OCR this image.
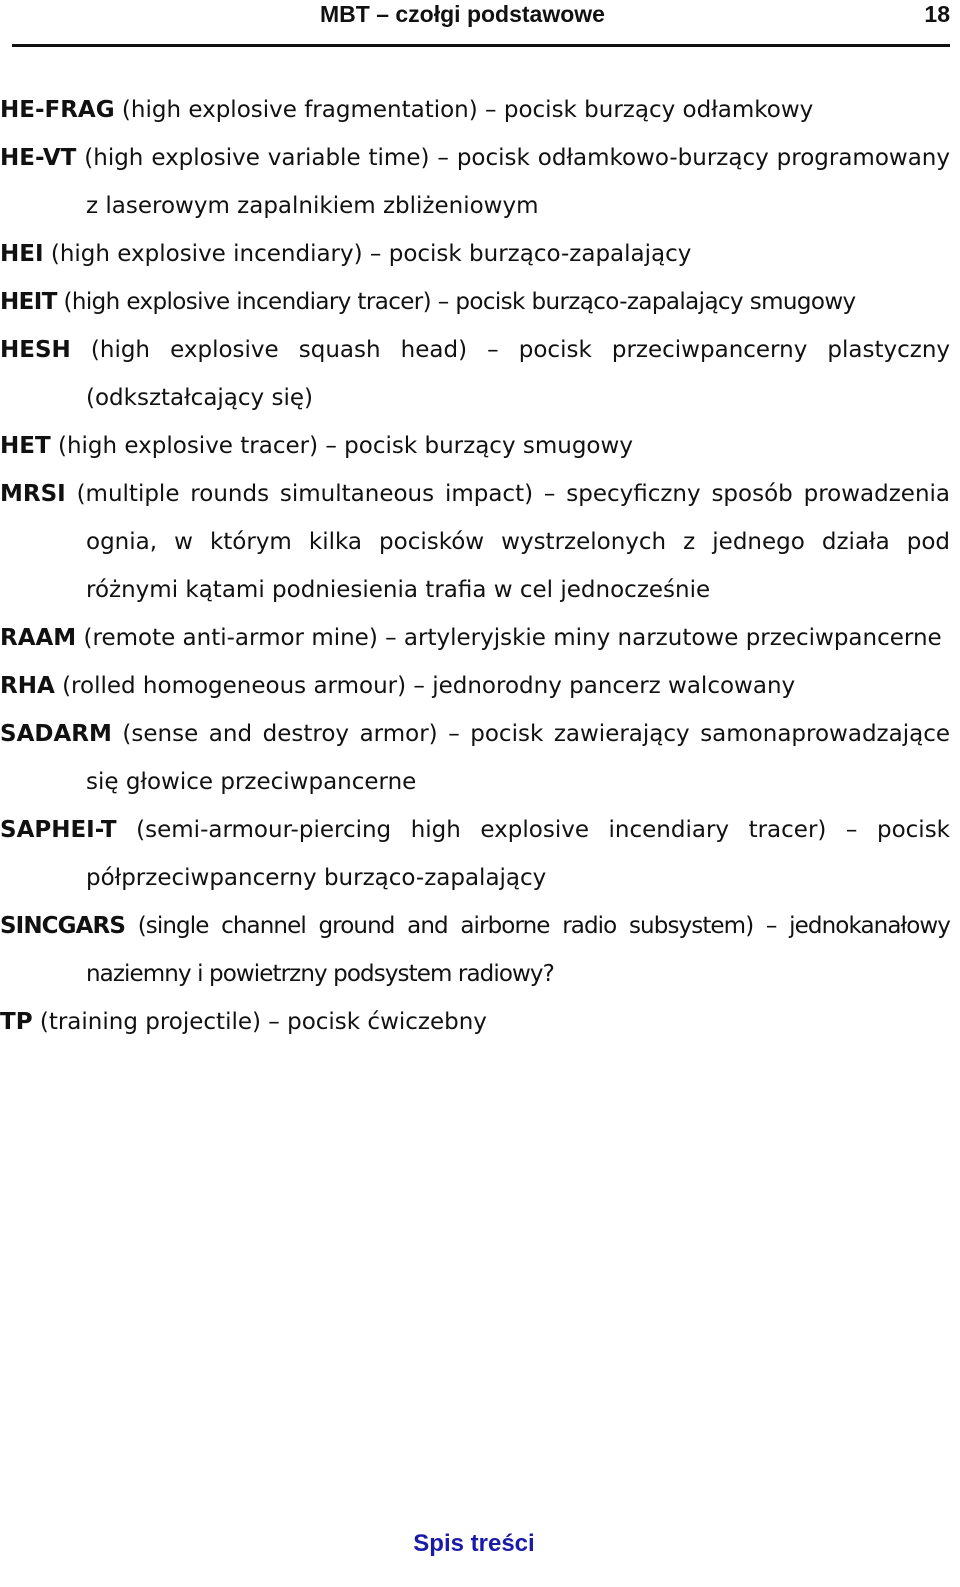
MBT – czołgi podstawowe	18

HE-FRAG (high explosive fragmentation) – pocisk burzący odłamkowy

HE-VT (high explosive variable time) – pocisk odłamkowo-burzący programowany z laserowym zapalnikiem zbliżeniowym

HEI (high explosive incendiary) – pocisk burząco-zapalający

HEIT (high explosive incendiary tracer) – pocisk burząco-zapalający smugowy

HESH (high explosive squash head) – pocisk przeciwpancerny plastyczny (odkształcający się)

HET (high explosive tracer) – pocisk burzący smugowy

MRSI (multiple rounds simultaneous impact) – specyficzny sposób prowadzenia ognia, w którym kilka pocisków wystrzelonych z jednego działa pod różnymi kątami podniesienia trafia w cel jednocześnie

RAAM (remote anti-armor mine) – artyleryjskie miny narzutowe przeciwpancerne

RHA (rolled homogeneous armour) – jednorodny pancerz walcowany

SADARM (sense and destroy armor) – pocisk zawierający samonaprowadzające się głowice przeciwpancerne

SAPHEI-T (semi-armour-piercing high explosive incendiary tracer) – pocisk półprzeciwpancerny burząco-zapalający

SINCGARS (single channel ground and airborne radio subsystem) – jednokanałowy naziemny i powietrzny podsystem radiowy?

TP (training projectile) – pocisk ćwiczebny

Spis treści
